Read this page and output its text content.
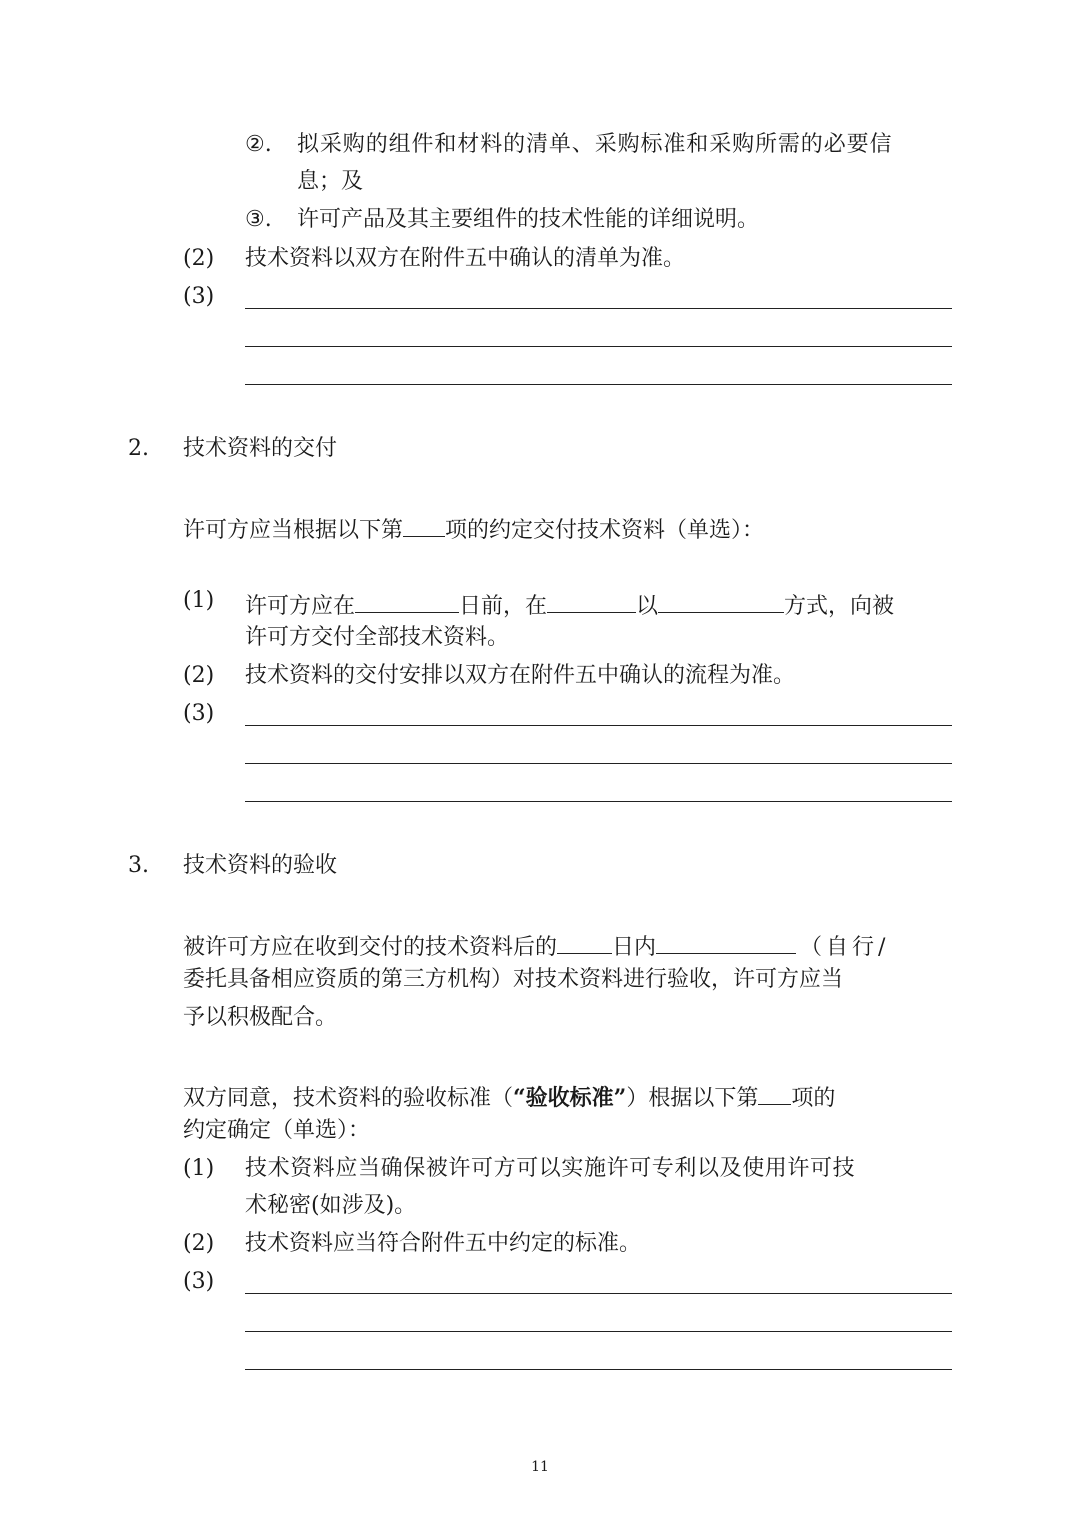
②. 拟采购的组件和材料的清单、采购标准和采购所需的必要信
息；及
③. 许可产品及其主要组件的技术性能的详细说明。
(2) 技术资料以双方在附件五中确认的清单为准。
(3)
2. 技术资料的交付
许可方应当根据以下第 项的约定交付技术资料（单选）：
(1) 许可方应在	日前，在	以	方式，向被
许可方交付全部技术资料。
(2) 技术资料的交付安排以双方在附件五中确认的流程为准。
(3)
3. 技术资料的验收
被许可方应在收到交付的技术资料后的	日内	（自行/
委托具备相应资质的第三方机构）对技术资料进行验收，许可方应当
予以积极配合。
双方同意，技术资料的验收标准（“验收标准”）根据以下第 项的
约定确定（单选）：
(1) 技术资料应当确保被许可方可以实施许可专利以及使用许可技
术秘密(如涉及)。
(2) 技术资料应当符合附件五中约定的标准。
(3)
11
